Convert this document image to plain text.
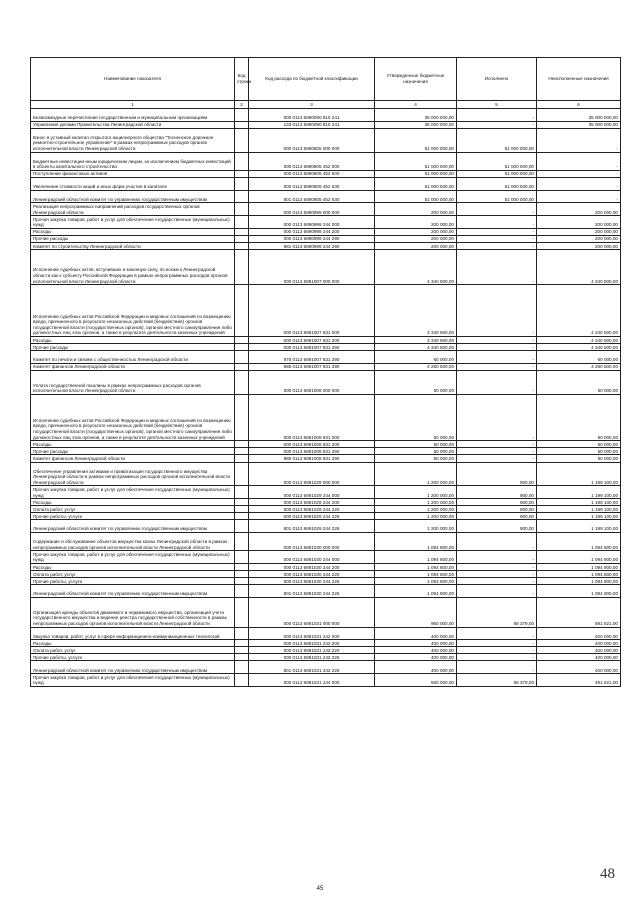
Наименование показателя	Код строки	Код расхода по бюджетной классификации	Утвержденные бюджетные назначения	Исполнено	Неисполненные назначения
1	2	3	4	5	6
Безвозмездные перечисления государственным и муниципальным организациям		000 0113 6890090 810 241	35 000 000,00	-	35 000 000,00
Управление делами Правительства Ленинградской области		133 0113 6890090 810 241	35 000 000,00	-	35 000 000,00
Взнос в уставный капитал открытого акционерного общества "Тосненское дорожное ремонтно-строительное управление" в рамках непрограммных расходов органов исполнительной власти Ленинградской области		000 0113 6890805 000 000	51 000 000,00	51 000 000,00	-
Бюджетные инвестиции иным юридическим лицам, за исключением бюджетных инвестиций в объекты капитального строительства		000 0113 6890805 452 000	51 000 000,00	51 000 000,00	-
Поступление финансовых активов		000 0113 6890805 452 500	51 000 000,00	51 000 000,00	-
Увеличение стоимости акций и иных форм участия в капитале		000 0113 6890805 452 530	51 000 000,00	51 000 000,00	-
Ленинградский областной комитет по управлению государственным имуществом		801 0113 6890805 452 530	51 000 000,00	51 000 000,00	-
Реализация непрограммных направлений расходов государственных органов Ленинградской области		000 0113 6890999 000 000	200 000,00	-	200 000,00
Прочая закупка товаров, работ и услуг для обеспечения государственных (муниципальных) нужд		000 0113 6890999 244 000	200 000,00	-	200 000,00
Расходы		000 0113 6890999 244 200	200 000,00	-	200 000,00
Прочие расходы		000 0113 6890999 244 290	200 000,00	-	200 000,00
Комитет по строительству Ленинградской области		981 0113 6890999 244 290	200 000,00	-	200 000,00
Исполнение судебных актов, вступивших в законную силу, по искам к Ленинградской области как к субъекту Российской Федерации в рамках непрограммных расходов органов исполнительной власти Ленинградской области		000 0113 6891007 000 000	4 340 500,00	-	4 340 500,00
Исполнение судебных актов Российской Федерации и мировых соглашений по возмещению вреда, причиненного в результате незаконных действий (бездействия) органов государственной власти (государственных органов), органов местного самоуправления либо должностных лиц этих органов, а также в результате деятельности казенных учреждений		000 0113 6891007 831 000	4 340 500,00	-	4 340 500,00
Расходы		000 0113 6891007 831 200	4 340 500,00	-	4 340 500,00
Прочие расходы		000 0113 6891007 831 290	4 340 500,00	-	4 340 500,00
Комитет по печати и связям с общественностью Ленинградской области		976 0113 6891007 831 290	60 000,00	-	60 000,00
Комитет финансов Ленинградской области		985 0113 6891007 831 290	4 280 500,00	-	4 280 500,00
Уплата государственной пошлины в рамках непрограммных расходов органов исполнительной власти Ленинградской области		000 0113 6891008 000 000	50 000,00	-	50 000,00
Исполнение судебных актов Российской Федерации и мировых соглашений по возмещению вреда, причиненного в результате незаконных действий (бездействия) органов государственной власти (государственных органов), органов местного самоуправления либо должностных лиц этих органов, а также в результате деятельности казенных учреждений		000 0113 6891008 831 000	50 000,00	-	50 000,00
Расходы		000 0113 6891008 831 200	50 000,00	-	50 000,00
Прочие расходы		000 0113 6891008 831 290	50 000,00	-	50 000,00
Комитет финансов Ленинградской области		985 0113 6891008 831 290	50 000,00	-	50 000,00
Обеспечение управления активами и приватизация государственного имущества Ленинградской области в рамках непрограммных расходов органов исполнительной власти Ленинградской области		000 0113 6891029 000 000	1 200 000,00	900,00	1 199 100,00
Прочая закупка товаров, работ и услуг для обеспечения государственных (муниципальных) нужд		000 0113 6891029 244 000	1 200 000,00	900,00	1 199 100,00
Расходы		000 0113 6891029 244 200	1 200 000,00	900,00	1 199 100,00
Оплата работ, услуг		000 0113 6891029 244 220	1 200 000,00	900,00	1 199 100,00
Прочие работы, услуги		000 0113 6891029 244 226	1 200 000,00	900,00	1 199 100,00
Ленинградский областной комитет по управлению государственным имуществом		801 0113 6891029 244 226	1 200 000,00	900,00	1 199 100,00
Содержание и обслуживание объектов имущества казны Ленинградской области в рамках непрограммных расходов органов исполнительной власти Ленинградской области		000 0113 6891030 000 000	1 094 800,00	-	1 094 800,00
Прочая закупка товаров, работ и услуг для обеспечения государственных (муниципальных) нужд		000 0113 6891030 244 000	1 094 800,00	-	1 094 800,00
Расходы		000 0113 6891030 244 200	1 094 800,00	-	1 094 800,00
Оплата работ, услуг		000 0113 6891030 244 220	1 094 800,00	-	1 094 800,00
Прочие работы, услуги		000 0113 6891030 244 226	1 094 800,00	-	1 094 800,00
Ленинградский областной комитет по управлению государственным имуществом		801 0113 6891030 244 226	1 094 800,00	-	1 094 800,00
Организация аренды объектов движимого и недвижимого имущества, организация учета государственного имущества и ведение реестра государственной собственности в рамках непрограммных расходов органов исполнительной власти Ленинградской области		000 0113 6891031 000 000	960 000,00	68 379,00	891 621,00
Закупка товаров, работ, услуг в сфере информационно-коммуникационных технологий		000 0113 6891031 242 000	400 000,00	-	400 000,00
Расходы		000 0113 6891031 242 200	400 000,00	-	400 000,00
Оплата работ, услуг		000 0113 6891031 242 220	400 000,00	-	400 000,00
Прочие работы, услуги		000 0113 6891031 242 226	400 000,00	-	400 000,00
Ленинградский областной комитет по управлению государственным имуществом		801 0113 6891031 242 226	400 000,00	-	400 000,00
Прочая закупка товаров, работ и услуг для обеспечения государственных (муниципальных) нужд		000 0113 6891031 244 000	560 000,00	68 379,00	491 621,00
45
48
